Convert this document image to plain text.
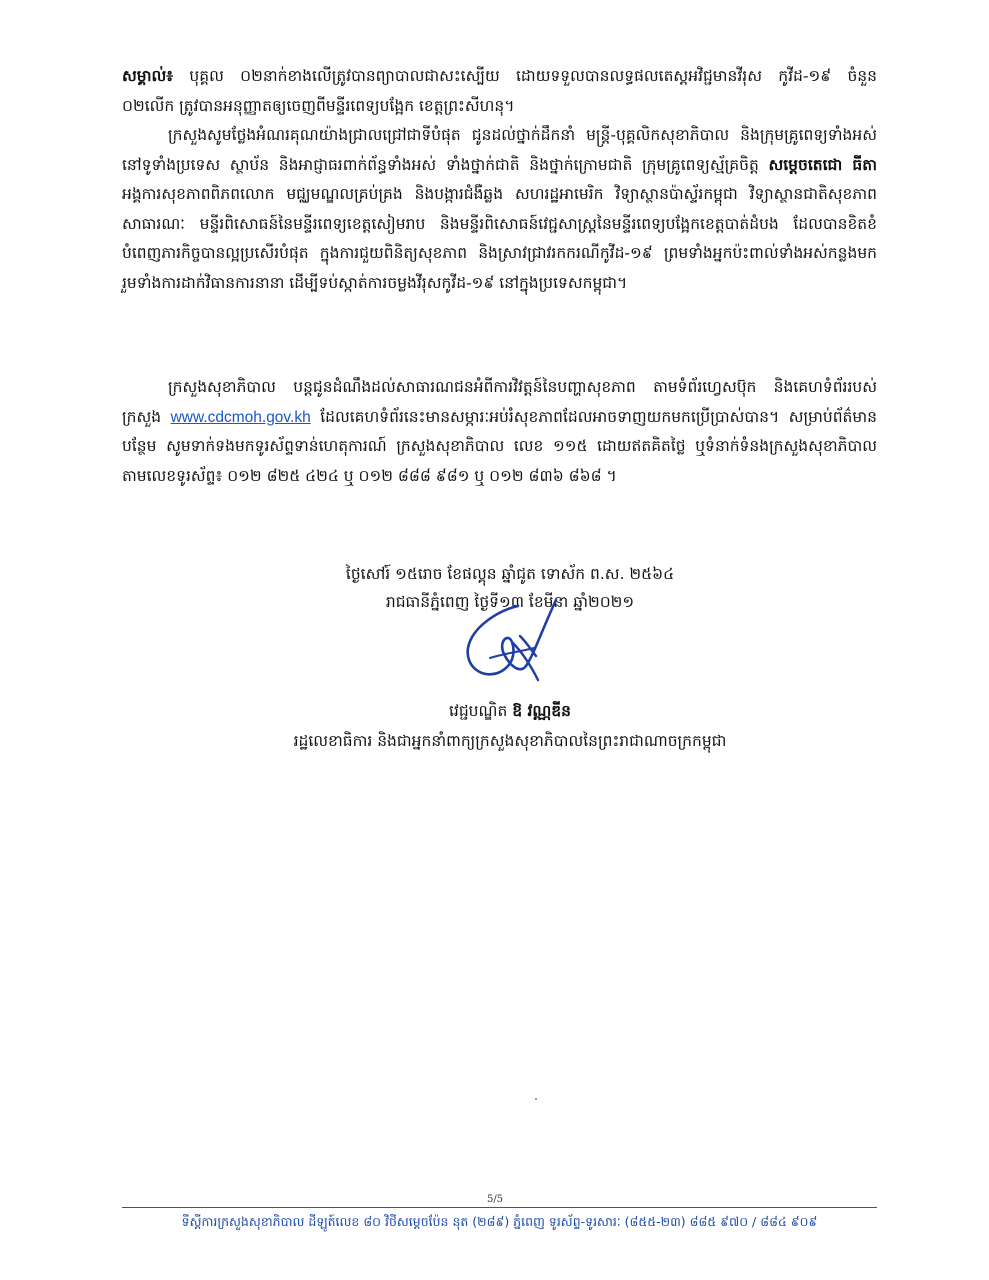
សម្គាល់៖ បុគ្គល ០២នាក់ខាងលើត្រូវបានព្យាបាលជាសះស្បើយ ដោយទទួលបានលទ្ធផលតេស្តអវិជ្ជមានវីរុស កូវីដ-១៩ ចំនួន ០២លើក ត្រូវបានអនុញ្ញាតឲ្យចេញពីមន្ទីរពេទ្យបង្អែក ខេត្តព្រះសីហនុ។

ក្រសួងសូមថ្លែងអំណរគុណយ៉ាងជ្រាលជ្រៅជាទីបំផុត ជូនដល់ថ្នាក់ដឹកនាំ មន្ត្រី-បុគ្គលិកសុខាភិបាល និងក្រុមគ្រូពេទ្យទាំងអស់នៅទូទាំងប្រទេស ស្ថាប័ន និងអាជ្ញាធរពាក់ព័ន្ធទាំងអស់ ទាំងថ្នាក់ជាតិ និងថ្នាក់ក្រោមជាតិ ក្រុមគ្រូពេទ្យស្ម័គ្រចិត្ត សម្ដេចតេជោ ធីតា អង្គការសុខភាពពិភពលោក មជ្ឈមណ្ឌលគ្រប់គ្រង និងបង្ការជំងឺឆ្លង សហរដ្ឋអាមេរិក វិទ្យាស្ថានប៉ាស្ទ័រកម្ពុជា វិទ្យាស្ថានជាតិសុខភាពសាធារណៈ មន្ទីរពិសោធន៍នៃមន្ទីរពេទ្យខេត្តសៀមរាប និងមន្ទីរពិសោធន៍វេជ្ជសាស្ត្រនៃមន្ទីរពេទ្យបង្អែកខេត្តបាត់ដំបង ដែលបានខិតខំបំពេញភារកិច្ចបានល្អប្រសើរបំផុត ក្នុងការជួយពិនិត្យសុខភាព និងស្រាវជ្រាវរកករណីកូវីដ-១៩ ព្រមទាំងអ្នកប៉ះពាល់ទាំងអស់កន្លងមក រួមទាំងការដាក់វិធានការនានា ដើម្បីទប់ស្កាត់ការចម្លងវីរុសកូវីដ-១៩ នៅក្នុងប្រទេសកម្ពុជា។

ក្រសួងសុខាភិបាល បន្តជូនដំណឹងដល់សាធារណជនអំពីការវិវត្តន៍នៃបញ្ហាសុខភាព តាមទំព័រហ្វេសប៊ុក និងគេហទំព័ររបស់ក្រសួង www.cdcmoh.gov.kh ដែលគេហទំព័រនេះមានសម្ភារៈអប់រំសុខភាពដែលអាចទាញយកមកប្រើប្រាស់បាន។ សម្រាប់ព័ត៌មានបន្ថែម សូមទាក់ទងមកទូរស័ព្ទទាន់ហេតុការណ៍ ក្រសួងសុខាភិបាល លេខ ១១៥ ដោយឥតគិតថ្លៃ ឬទំនាក់ទំនងក្រសួងសុខាភិបាល តាមលេខទូរស័ព្ទ៖ ០១២ ៨២៥ ៤២៤ ឬ ០១២ ៨៨៨ ៩៨១ ឬ ០១២ ៨៣៦ ៨៦៨ ។

ថ្ងៃសៅរ៍ ១៥រោច ខែផល្គុន ឆ្នាំជូត ទោស័ក ព.ស. ២៥៦៤
រាជធានីភ្នំពេញ ថ្ងៃទី១៣ ខែមីនា ឆ្នាំ២០២១
វេជ្ជបណ្ឌិត ឱ វណ្ណឌីន
រដ្ឋលេខាធិការ និងជាអ្នកនាំពាក្យក្រសួងសុខាភិបាលនៃព្រះរាជាណាចក្រកម្ពុជា
5/5
ទីស្តីការក្រសួងសុខាភិបាល ដីឡូត៍លេខ ៨០ វិថីសម្ដេចប៉ែន នុត (២៨៩) ភ្នំពេញ ទូរស័ព្ទ-ទូរសារៈ (៨៥៥-២៣) ៨៨៥ ៩៧០ / ៨៨៤ ៩០៩
